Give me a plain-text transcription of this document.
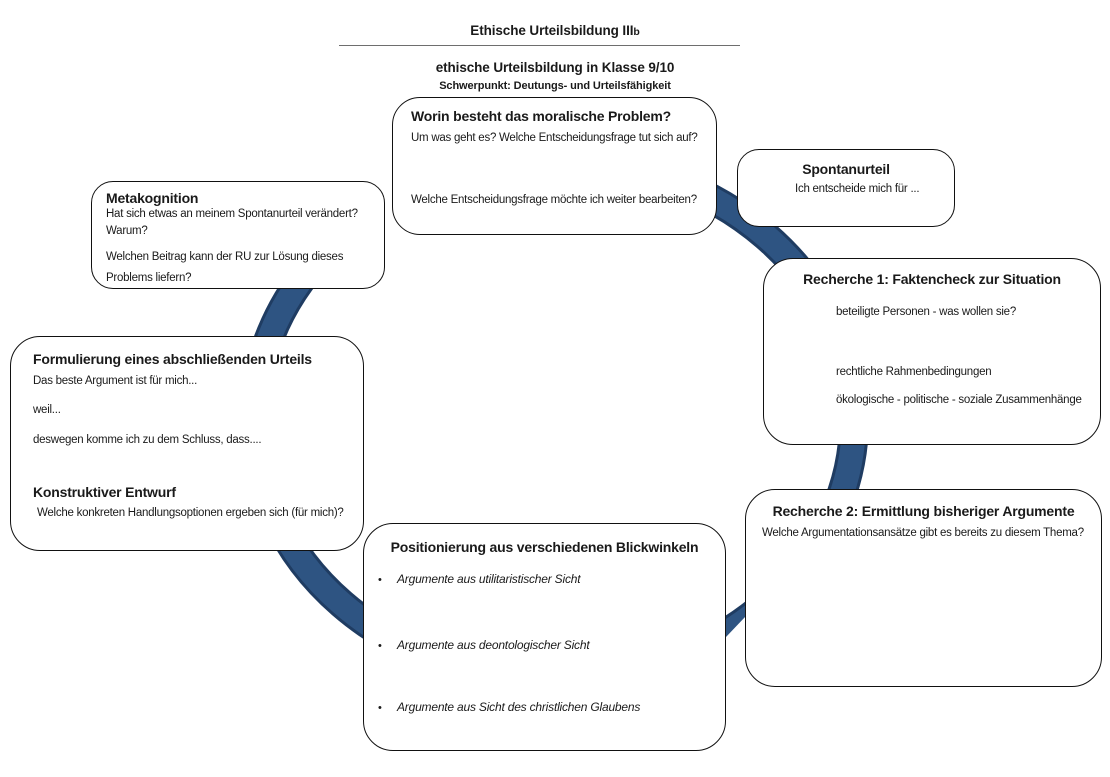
Ethische Urteilsbildung IIIb
ethische Urteilsbildung in Klasse 9/10
Schwerpunkt: Deutungs- und Urteilsfähigkeit
Worin besteht das moralische Problem?
Um was geht es? Welche Entscheidungsfrage tut sich auf?
Welche Entscheidungsfrage möchte ich weiter bearbeiten?
Spontanurteil
Ich entscheide mich für ...
Recherche 1: Faktencheck zur Situation
beteiligte Personen - was wollen sie?
rechtliche Rahmenbedingungen
ökologische - politische - soziale Zusammenhänge
Recherche 2: Ermittlung bisheriger Argumente
Welche Argumentationsansätze gibt es bereits zu diesem Thema?
Positionierung aus verschiedenen Blickwinkeln
• Argumente aus utilitaristischer Sicht
• Argumente aus deontologischer Sicht
• Argumente aus Sicht des christlichen Glaubens
Formulierung eines abschließenden Urteils
Das beste Argument ist für mich...
weil...
deswegen komme ich zu dem Schluss, dass....
Konstruktiver Entwurf
Welche konkreten Handlungsoptionen ergeben sich (für mich)?
Metakognition
Hat sich etwas an meinem Spontanurteil verändert?
Warum?
Welchen Beitrag kann der RU zur Lösung dieses
Problems liefern?
